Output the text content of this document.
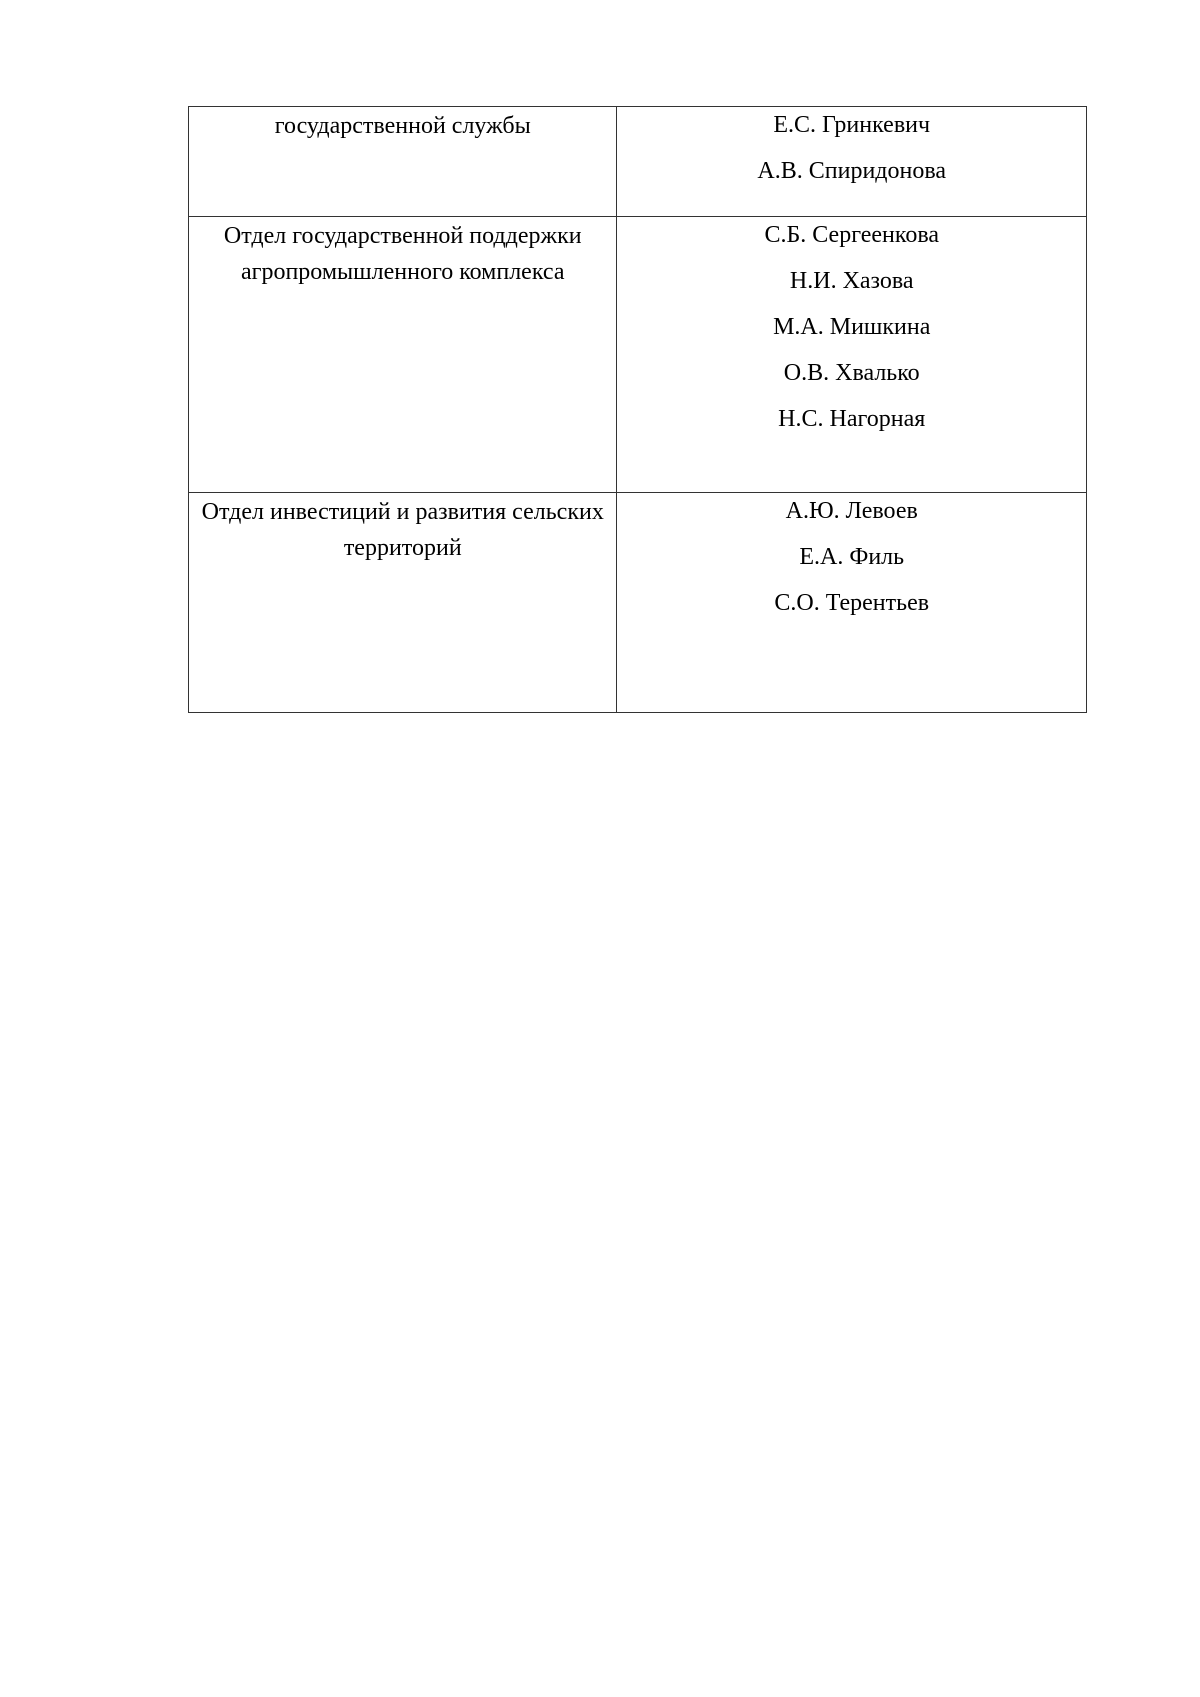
государственной службы	Е.С. Гринкевич
А.В. Спиридонова

Отдел государственной поддержки агропромышленного комплекса	С.Б. Сергеенкова
Н.И. Хазова
М.А. Мишкина
О.В. Хвалько
Н.С. Нагорная

Отдел инвестиций и развития сельских территорий	А.Ю. Левоев
Е.А. Филь
С.О. Терентьев
